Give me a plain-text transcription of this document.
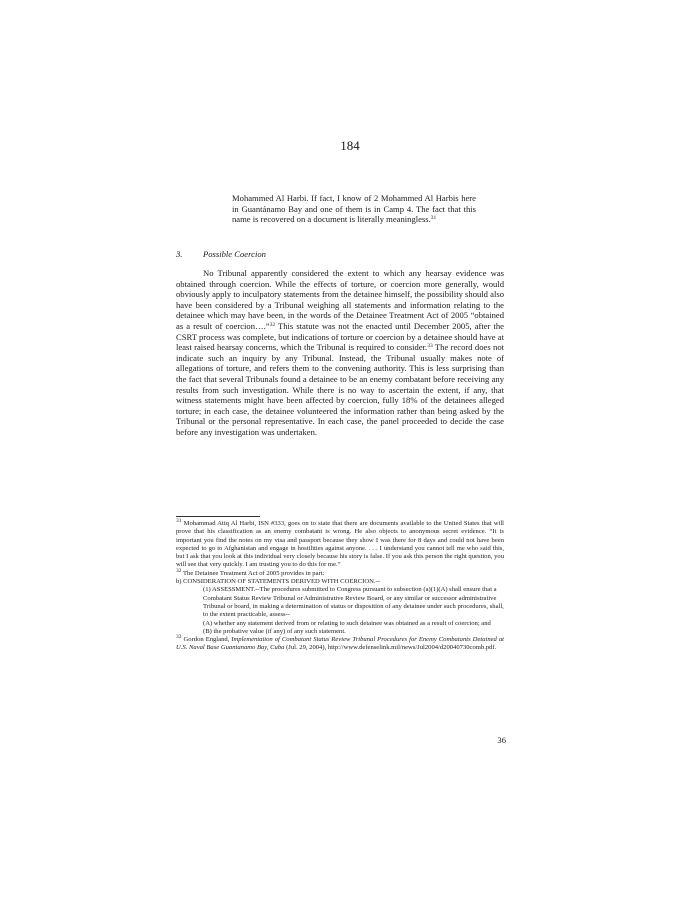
184
Mohammed Al Harbi. If fact, I know of 2 Mohammed Al Harbis here in Guantánamo Bay and one of them is in Camp 4. The fact that this name is recovered on a document is literally meaningless.$^{31}$
3. Possible Coercion
No Tribunal apparently considered the extent to which any hearsay evidence was obtained through coercion. While the effects of torture, or coercion more generally, would obviously apply to inculpatory statements from the detainee himself, the possibility should also have been considered by a Tribunal weighing all statements and information relating to the detainee which may have been, in the words of the Detainee Treatment Act of 2005 “obtained as a result of coercion….”$^{32}$ This statute was not the enacted until December 2005, after the CSRT process was complete, but indications of torture or coercion by a detainee should have at least raised hearsay concerns, which the Tribunal is required to consider.$^{33}$ The record does not indicate such an inquiry by any Tribunal. Instead, the Tribunal usually makes note of allegations of torture, and refers them to the convening authority. This is less surprising than the fact that several Tribunals found a detainee to be an enemy combatant before receiving any results from such investigation. While there is no way to ascertain the extent, if any, that witness statements might have been affected by coercion, fully 18% of the detainees alleged torture; in each case, the detainee volunteered the information rather than being asked by the Tribunal or the personal representative. In each case, the panel proceeded to decide the case before any investigation was undertaken.
$^{31}$ Mohammad Atiq Al Harbi, ISN #333, goes on to state that there are documents available to the United States that will prove that his classification as an enemy combatant is wrong. He also objects to anonymous secret evidence. “It is important you find the notes on my visa and passport because they show I was there for 8 days and could not have been expected to go to Afghanistan and engage in hostilities against anyone. . . . I understand you cannot tell me who said this, but I ask that you look at this individual very closely because his story is false. If you ask this person the right question, you will see that very quickly. I am trusting you to do this for me.”
$^{32}$ The Detainee Treatment Act of 2005 provides in part:
b) CONSIDERATION OF STATEMENTS DERIVED WITH COERCION.--
(1) ASSESSMENT.--The procedures submitted to Congress pursuant to subsection (a)(1)(A) shall ensure that a Combatant Status Review Tribunal or Administrative Review Board, or any similar or successor administrative Tribunal or board, in making a determination of status or disposition of any detainee under such procedures, shall, to the extent practicable, assess--
(A) whether any statement derived from or relating to such detainee was obtained as a result of coercion; and
(B) the probative value (if any) of any such statement.
$^{33}$ Gordon England, Implementation of Combatant Status Review Tribunal Procedures for Enemy Combatants Detained at U.S. Naval Base Guantanamo Bay, Cuba (Jul. 29, 2004), http://www.defenselink.mil/news/Jul2004/d20040730comb.pdf.
36
